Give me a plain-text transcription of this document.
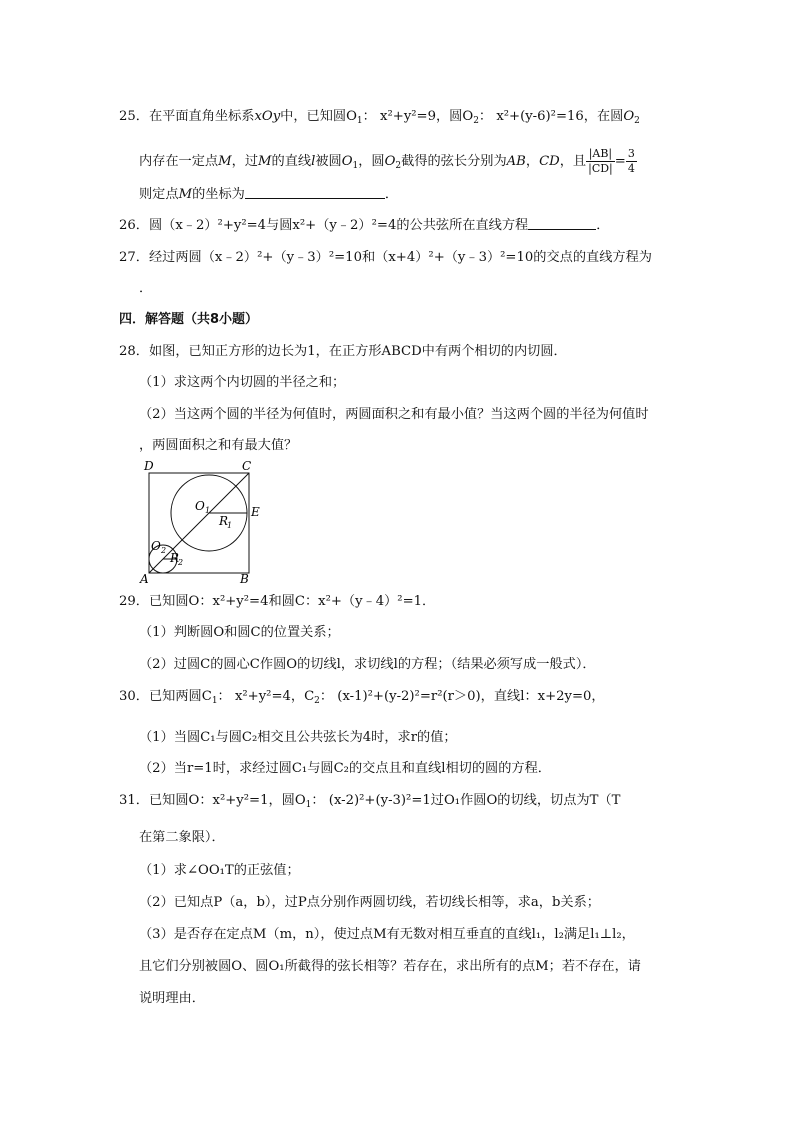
25．在平面直角坐标系xOy中，已知圆$O_1$： x²+y²=9，圆$O_2$： x²+(y-6)²=16，在圆$O_2$
内存在一定点M，过M的直线l被圆$O_1$，圆$O_2$截得的弦长分别为AB，CD，且 $\frac{|AB|}{|CD|} = \frac{3}{4}$
则定点M的坐标为	．
26．圆（x﹣2）²+y²=4与圆x²+（y﹣2）²=4的公共弦所在直线方程	．
27．经过两圆（x﹣2）²+（y﹣3）²=10和（x+4）²+（y﹣3）²=10的交点的直线方程为
．
四．解答题（共8小题）
28．如图，已知正方形的边长为1，在正方形ABCD中有两个相切的内切圆．
（1）求这两个内切圆的半径之和；
（2）当这两个圆的半径为何值时，两圆面积之和有最小值？当这两个圆的半径为何值时
，两圆面积之和有最大值？
D	C
A	B
E
O 1
R
1
O 2
R
2
29．已知圆O：x²+y²=4和圆C：x²+（y﹣4）²=1．
（1）判断圆O和圆C的位置关系；
（2）过圆C的圆心C作圆O的切线l，求切线l的方程；（结果必须写成一般式）．
30．已知两圆$C_1$： x²+y²=4，$C_2$： (x-1)²+(y-2)²=r²(r＞0)，直线l：x+2y=0，
（1）当圆C₁与圆C₂相交且公共弦长为4时，求r的值；
（2）当r=1时，求经过圆C₁与圆C₂的交点且和直线l相切的圆的方程．
31．已知圆O：x²+y²=1，圆$O_1$： (x-2)²+(y-3)²=1过O₁作圆O的切线，切点为T（T
在第二象限）．
（1）求∠OO₁T的正弦值；
（2）已知点P（a，b），过P点分别作两圆切线，若切线长相等，求a，b关系；
（3）是否存在定点M（m，n），使过点M有无数对相互垂直的直线l₁，l₂满足l₁⊥l₂，
且它们分别被圆O、圆O₁所截得的弦长相等？若存在，求出所有的点M；若不存在，请
说明理由．
